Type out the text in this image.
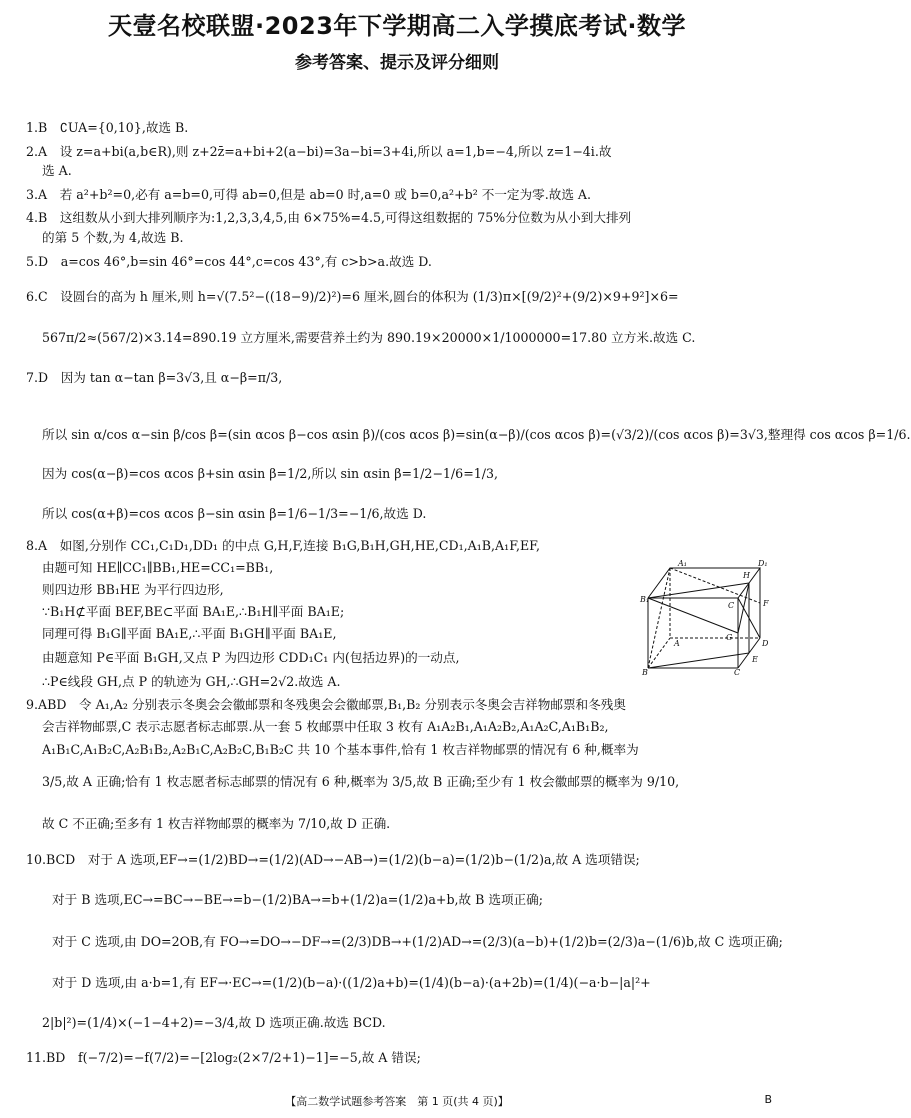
天壹名校联盟·2023年下学期高二入学摸底考试·数学
参考答案、提示及评分细则
1.B　∁UA={0,10},故选 B.
2.A　设 z=a+bi(a,b∈R),则 z+2z̄=a+bi+2(a−bi)=3a−bi=3+4i,所以 a=1,b=−4,所以 z=1−4i.故
选 A.
3.A　若 a²+b²=0,必有 a=b=0,可得 ab=0,但是 ab=0 时,a=0 或 b=0,a²+b² 不一定为零.故选 A.
4.B　这组数从小到大排列顺序为:1,2,3,3,4,5,由 6×75%=4.5,可得这组数据的 75%分位数为从小到大排列
的第 5 个数,为 4,故选 B.
5.D　a=cos 46°,b=sin 46°=cos 44°,c=cos 43°,有 c>b>a.故选 D.
6.C　设圆台的高为 h 厘米,则 h=√(7.5²−((18−9)/2)²)=6 厘米,圆台的体积为 (1/3)π×[(9/2)²+(9/2)×9+9²]×6=
567π/2≈(567/2)×3.14=890.19 立方厘米,需要营养土约为 890.19×20000×1/1000000=17.80 立方米.故选 C.
7.D　因为 tan α−tan β=3√3,且 α−β=π/3,
所以 sin α/cos α−sin β/cos β=(sin αcos β−cos αsin β)/(cos αcos β)=sin(α−β)/(cos αcos β)=(√3/2)/(cos αcos β)=3√3,整理得 cos αcos β=1/6.
因为 cos(α−β)=cos αcos β+sin αsin β=1/2,所以 sin αsin β=1/2−1/6=1/3,
所以 cos(α+β)=cos αcos β−sin αsin β=1/6−1/3=−1/6,故选 D.
8.A　如图,分别作 CC₁,C₁D₁,DD₁ 的中点 G,H,F,连接 B₁G,B₁H,GH,HE,CD₁,A₁B,A₁F,EF,
由题可知 HE∥CC₁∥BB₁,HE=CC₁=BB₁,
则四边形 BB₁HE 为平行四边形,
∵B₁H⊄平面 BEF,BE⊂平面 BA₁E,∴B₁H∥平面 BA₁E;
同理可得 B₁G∥平面 BA₁E,∴平面 B₁GH∥平面 BA₁E,
由题意知 P∈平面 B₁GH,又点 P 为四边形 CDD₁C₁ 内(包括边界)的一动点,
∴P∈线段 GH,点 P 的轨迹为 GH,∴GH=2√2.故选 A.
9.ABD　令 A₁,A₂ 分别表示冬奥会会徽邮票和冬残奥会会徽邮票,B₁,B₂ 分别表示冬奥会吉祥物邮票和冬残奥
会吉祥物邮票,C 表示志愿者标志邮票.从一套 5 枚邮票中任取 3 枚有 A₁A₂B₁,A₁A₂B₂,A₁A₂C,A₁B₁B₂,
A₁B₁C,A₁B₂C,A₂B₁B₂,A₂B₁C,A₂B₂C,B₁B₂C 共 10 个基本事件,恰有 1 枚吉祥物邮票的情况有 6 种,概率为
3/5,故 A 正确;恰有 1 枚志愿者标志邮票的情况有 6 种,概率为 3/5,故 B 正确;至少有 1 枚会徽邮票的概率为 9/10,
故 C 不正确;至多有 1 枚吉祥物邮票的概率为 7/10,故 D 正确.
10.BCD　对于 A 选项,EF→=(1/2)BD→=(1/2)(AD→−AB→)=(1/2)(b−a)=(1/2)b−(1/2)a,故 A 选项错误;
对于 B 选项,EC→=BC→−BE→=b−(1/2)BA→=b+(1/2)a=(1/2)a+b,故 B 选项正确;
对于 C 选项,由 DO=2OB,有 FO→=DO→−DF→=(2/3)DB→+(1/2)AD→=(2/3)(a−b)+(1/2)b=(2/3)a−(1/6)b,故 C 选项正确;
对于 D 选项,由 a·b=1,有 EF→·EC→=(1/2)(b−a)·((1/2)a+b)=(1/4)(b−a)·(a+2b)=(1/4)(−a·b−|a|²+
2|b|²)=(1/4)×(−1−4+2)=−3/4,故 D 选项正确.故选 BCD.
11.BD　f(−7/2)=−f(7/2)=−[2log₂(2×7/2+1)−1]=−5,故 A 错误;
A₁
H
D₁
B₁
C	F
G
A	D
B	C
E
【高二数学试题参考答案　第 1 页(共 4 页)】	B
